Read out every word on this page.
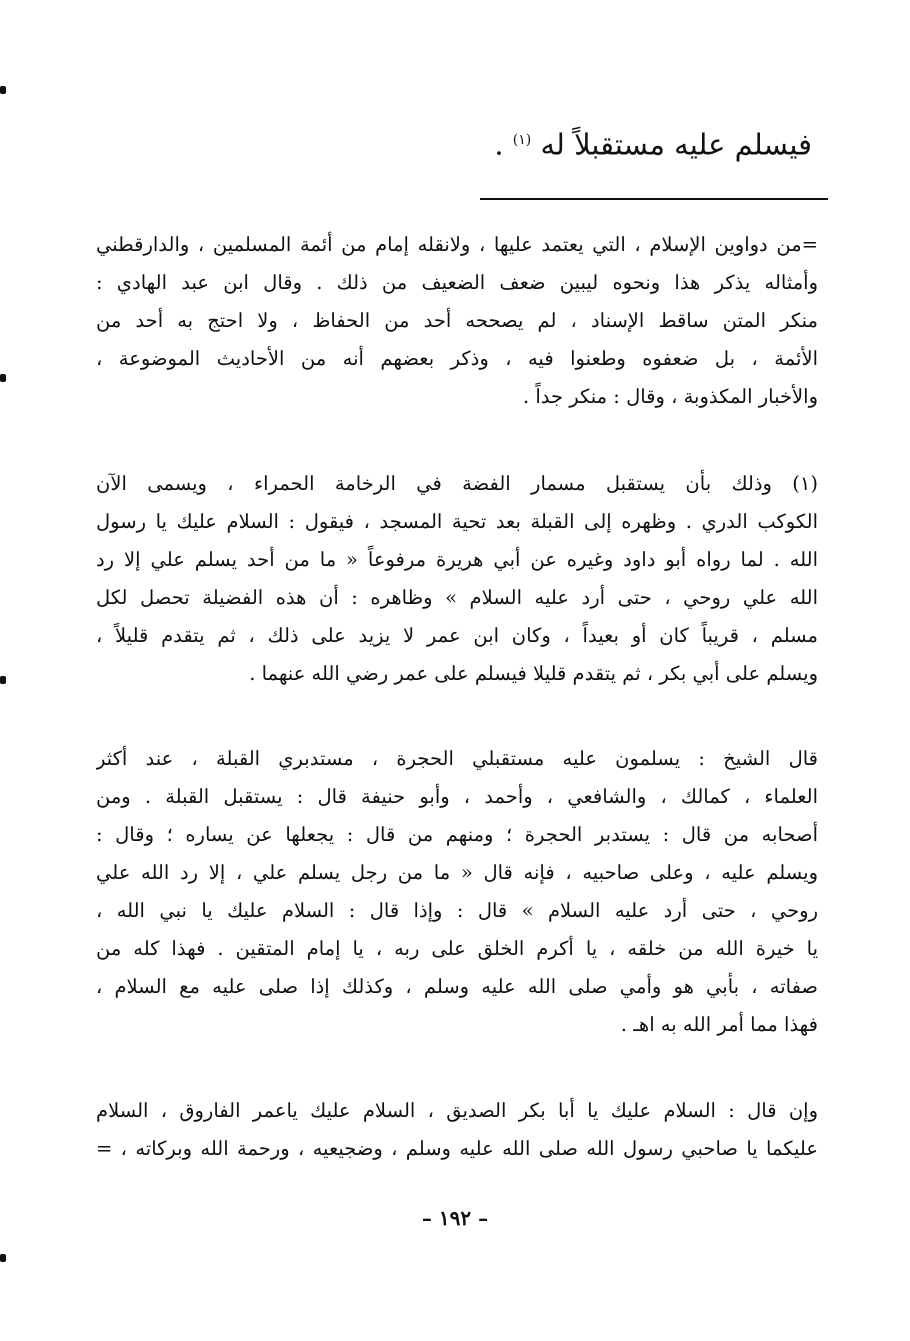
فيسلم عليه مستقبلاً له $^{(١)}$ .
=من دواوين الإسلام ، التي يعتمد عليها ، ولانقله إمام من أئمة المسلمين ، والدارقطني
وأمثاله يذكر هذا ونحوه ليبين ضعف الضعيف من ذلك . وقال ابن عبد الهادي :
منكر المتن ساقط الإسناد ، لم يصححه أحد من الحفاظ ، ولا احتج به أحد من
الأئمة ، بل ضعفوه وطعنوا فيه ، وذكر بعضهم أنه من الأحاديث الموضوعة ،
والأخبار المكذوبة ، وقال : منكر جداً .
(١) وذلك بأن يستقبل مسمار الفضة في الرخامة الحمراء ، ويسمى الآن
الكوكب الدري . وظهره إلى القبلة بعد تحية المسجد ، فيقول : السلام عليك يا رسول
الله . لما رواه أبو داود وغيره عن أبي هريرة مرفوعاً « ما من أحد يسلم علي إلا رد
الله علي روحي ، حتى أرد عليه السلام » وظاهره : أن هذه الفضيلة تحصل لكل
مسلم ، قريباً كان أو بعيداً ، وكان ابن عمر لا يزيد على ذلك ، ثم يتقدم قليلاً ،
ويسلم على أبي بكر ، ثم يتقدم قليلا فيسلم على عمر رضي الله عنهما .
قال الشيخ : يسلمون عليه مستقبلي الحجرة ، مستدبري القبلة ، عند أكثر
العلماء ، كمالك ، والشافعي ، وأحمد ، وأبو حنيفة قال : يستقبل القبلة . ومن
أصحابه من قال : يستدبر الحجرة ؛ ومنهم من قال : يجعلها عن يساره ؛ وقال :
ويسلم عليه ، وعلى صاحبيه ، فإنه قال « ما من رجل يسلم علي ، إلا رد الله علي
روحي ، حتى أرد عليه السلام » قال : وإذا قال : السلام عليك يا نبي الله ،
يا خيرة الله من خلقه ، يا أكرم الخلق على ربه ، يا إمام المتقين . فهذا كله من
صفاته ، بأبي هو وأمي صلى الله عليه وسلم ، وكذلك إذا صلى عليه مع السلام ،
فهذا مما أمر الله به اهـ .
وإن قال : السلام عليك يا أبا بكر الصديق ، السلام عليك ياعمر الفاروق ، السلام
عليكما يا صاحبي رسول الله صلى الله عليه وسلم ، وضجيعيه ، ورحمة الله وبركاته ، =
– ١٩٢ –
